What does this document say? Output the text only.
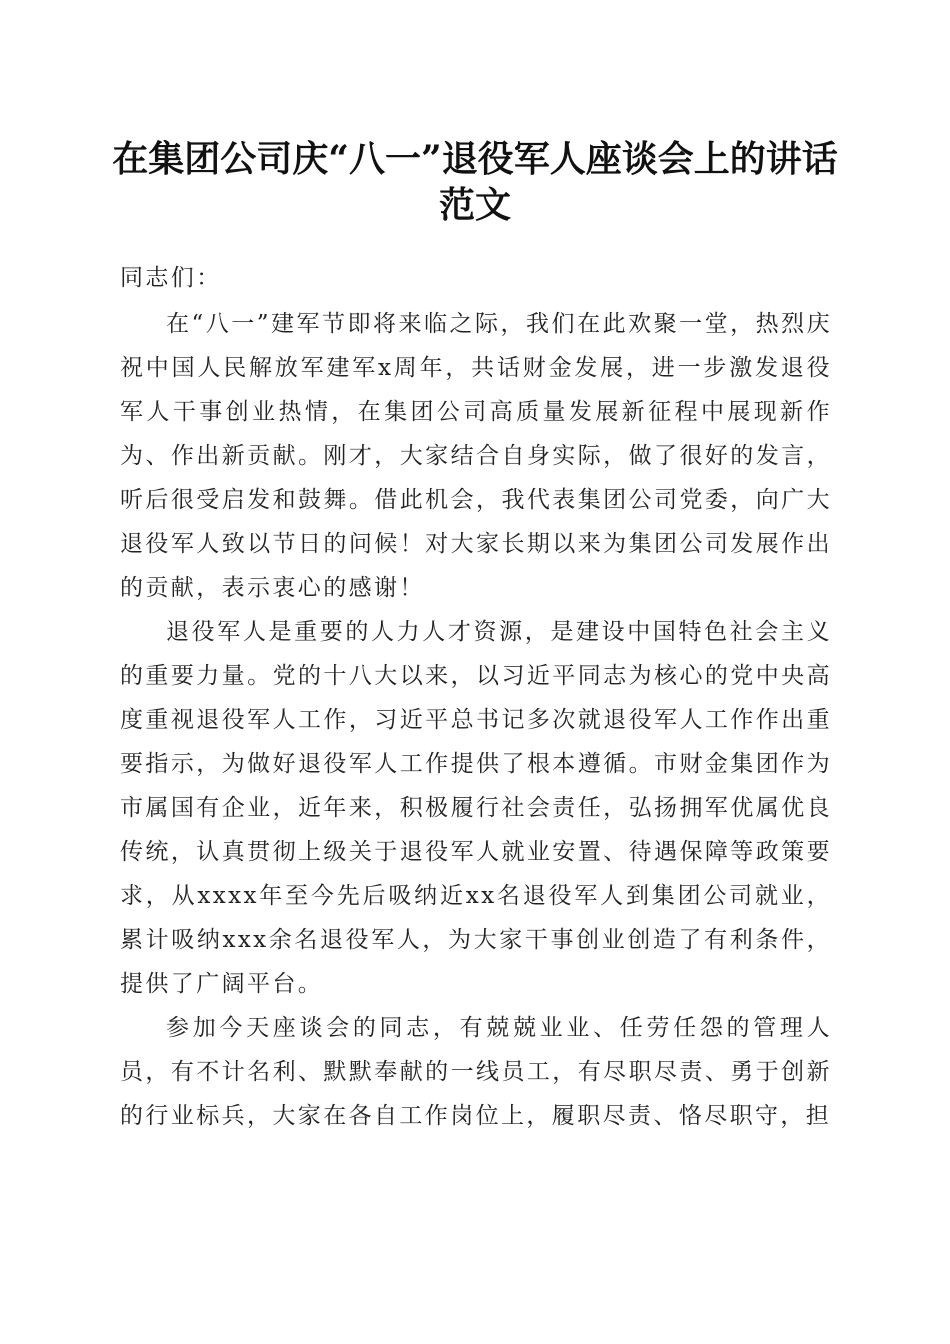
在集团公司庆“八一”退役军人座谈会上的讲话范文

同志们：

在“八一”建军节即将来临之际，我们在此欢聚一堂，热烈庆祝中国人民解放军建军x周年，共话财金发展，进一步激发退役军人干事创业热情，在集团公司高质量发展新征程中展现新作为、作出新贡献。刚才，大家结合自身实际，做了很好的发言，听后很受启发和鼓舞。借此机会，我代表集团公司党委，向广大退役军人致以节日的问候！对大家长期以来为集团公司发展作出的贡献，表示衷心的感谢！

退役军人是重要的人力人才资源，是建设中国特色社会主义的重要力量。党的十八大以来，以习近平同志为核心的党中央高度重视退役军人工作，习近平总书记多次就退役军人工作作出重要指示，为做好退役军人工作提供了根本遵循。市财金集团作为市属国有企业，近年来，积极履行社会责任，弘扬拥军优属优良传统，认真贯彻上级关于退役军人就业安置、待遇保障等政策要求，从xxxx年至今先后吸纳近xx名退役军人到集团公司就业，累计吸纳xxx余名退役军人，为大家干事创业创造了有利条件，提供了广阔平台。

参加今天座谈会的同志，有兢兢业业、任劳任怨的管理人员，有不计名利、默默奉献的一线员工，有尽职尽责、勇于创新的行业标兵，大家在各自工作岗位上，履职尽责、恪尽职守，担
